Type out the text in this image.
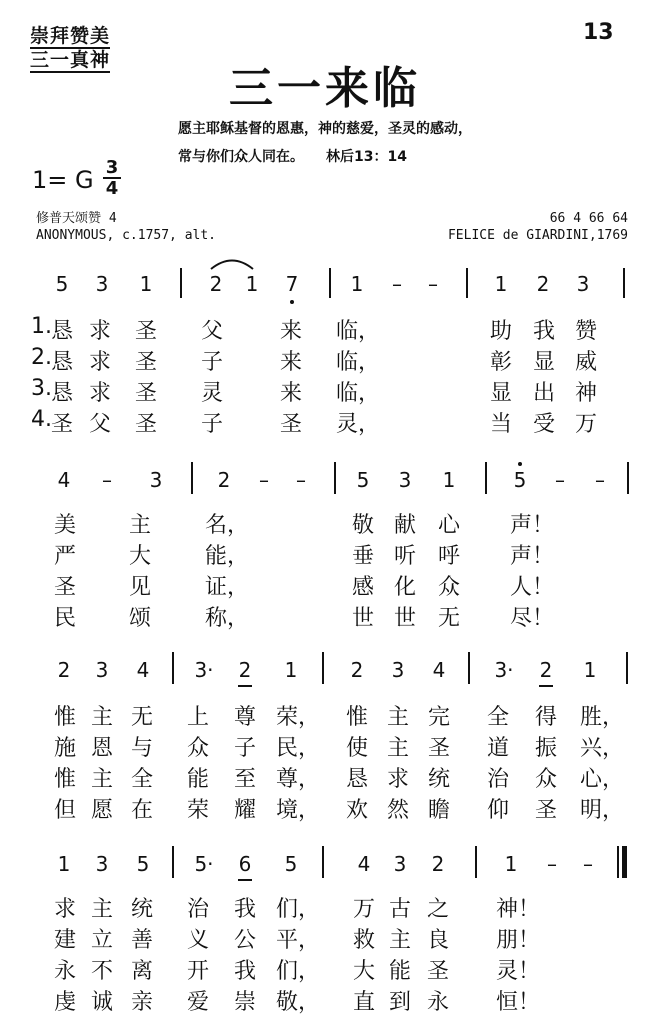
崇拜赞美
三一真神
13
三一来临
愿主耶稣基督的恩惠，神的慈爱，圣灵的感动，
常与你们众人同在。 林后13：14
1= G 3
4
修普天颂赞 4
ANONYMOUS, c.1757, alt.
66 4 66 64
FELICE de GIARDINI,1769
5	3	1	2	1	7	1	–	–	1	2	3
1.
恳 求 圣 父	来 临，	助 我 赞
2.
恳 求 圣 子	来 临，	彰 显 威
3.
恳 求 圣 灵	来 临，	显 出 神
4.
圣 父 圣 子	圣 灵，	当 受 万
4	–	3	2	–	–	5	3	1	5	–	–
美 主 名，	敬 献 心 声！
严 大 能，	垂 听 呼 声！
圣 见 证，	感 化 众 人！
民 颂 称，	世 世 无 尽！
2	3	4	3·	2	1	2	3	4	3·	2	1
惟 主 无 上 尊 荣， 惟 主 完 全 得 胜，
施 恩 与 众 子 民， 使 主 圣 道 振 兴，
惟 主 全 能 至 尊， 恳 求 统 治 众 心，
但 愿 在 荣 耀 境， 欢 然 瞻 仰 圣 明，
1	3	5	5·	6	5	4	3	2	1	–	–
求 主 统 治 我 们， 万 古 之 神！
建 立 善 义 公 平， 救 主 良 朋！
永 不 离 开 我 们， 大 能 圣 灵！
虔 诚 亲 爱 崇 敬， 直 到 永 恒！
